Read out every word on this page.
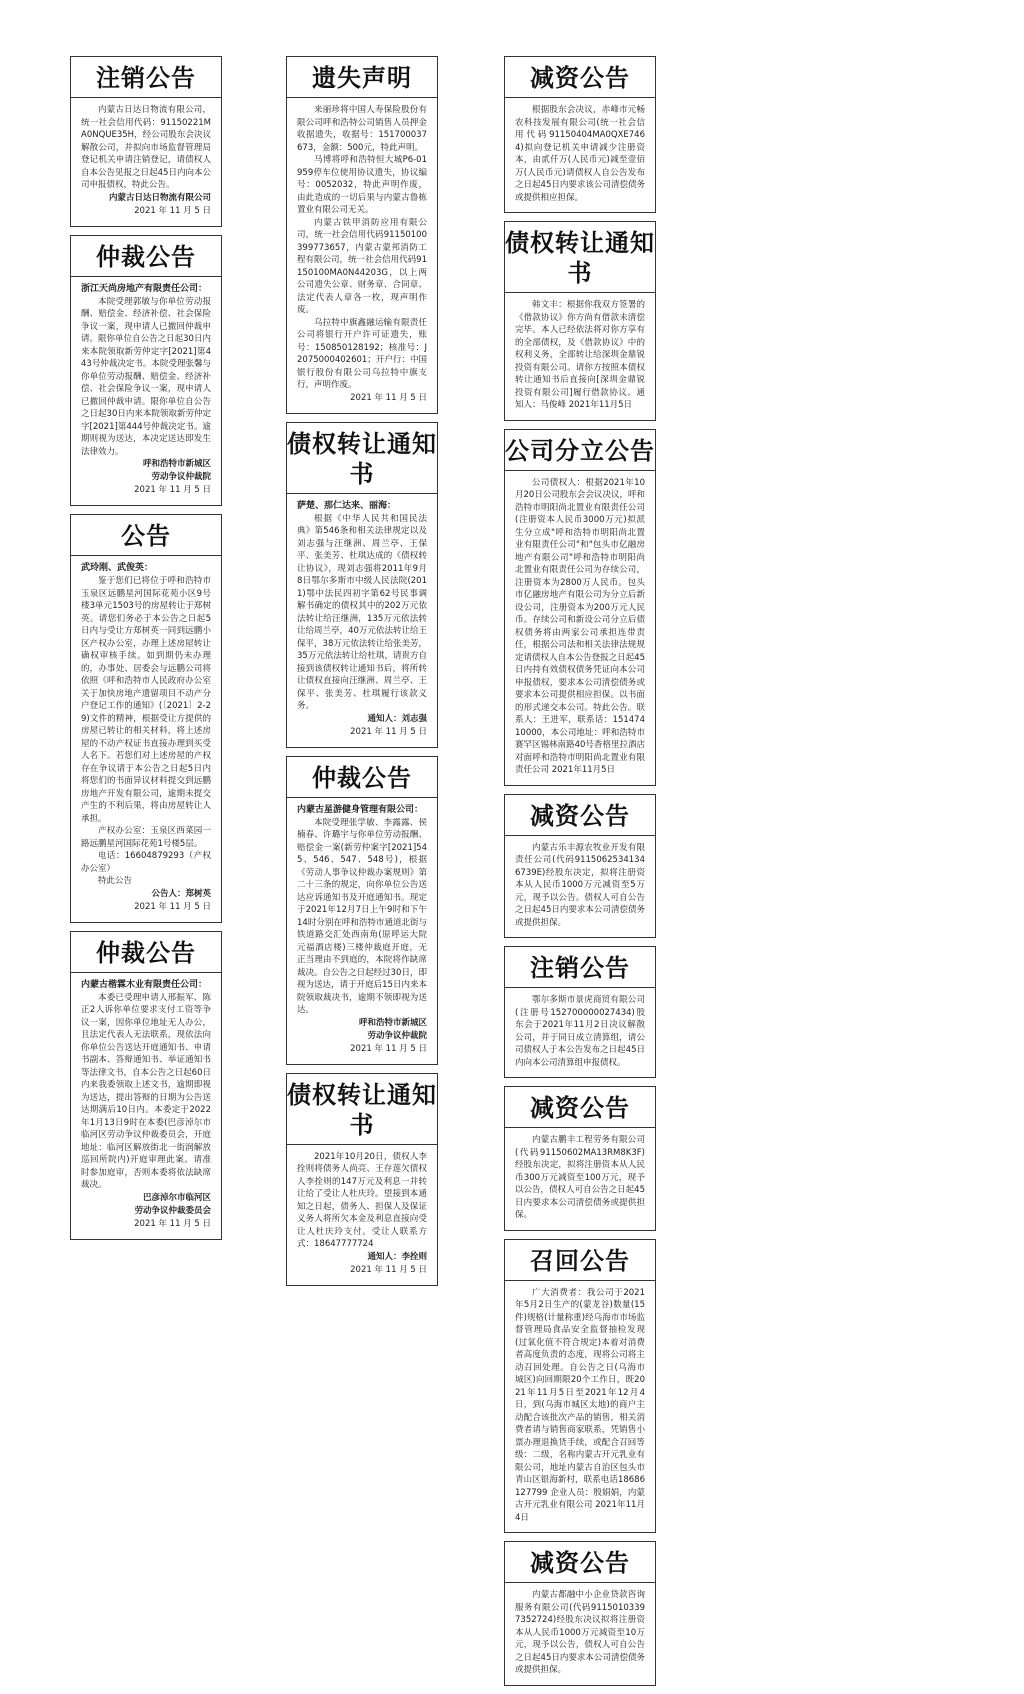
注销公告
内蒙古日达日物流有限公司，统一社会信用代码：91150221MA0NQUE35H，经公司股东会决议解散公司，并拟向市场监督管理局登记机关申请注销登记，请债权人自本公告见报之日起45日内向本公司申报债权，特此公告。
内蒙古日达日物流有限公司
2021 年 11 月 5 日
仲裁公告
浙江天尚房地产有限责任公司：
本院受理郭敏与你单位劳动报酬、赔偿金、经济补偿、社会保险争议一案，现申请人已撤回仲裁申请。限你单位自公告之日起30日内来本院领取新劳仲定字[2021]第443号仲裁决定书。本院受理张馨与你单位劳动报酬、赔偿金、经济补偿、社会保险争议一案，现申请人已撤回仲裁申请。限你单位自公告之日起30日内来本院领取新劳仲定字[2021]第444号仲裁决定书。逾期则视为送达，本决定送达即发生法律效力。
呼和浩特市新城区
劳动争议仲裁院
2021 年 11 月 5 日
公告
武玲刚、武俊英：
鉴于您们已将位于呼和浩特市玉泉区远鹏星河国际花苑小区9号楼3单元1503号的房屋转让于郑树英。请您们务必于本公告之日起5日内与受让方郑树英一同到远鹏小区产权办公室，办理上述房屋转让确权审核手续。如到期仍未办理的，办事处、居委会与远鹏公司将依照《呼和浩特市人民政府办公室关于加快房地产遗留项目不动产分户登记工作的通知》(〔2021〕2-29)文件的精神，根据受让方提供的房屋已转让的相关材料，将上述房屋的不动产权证书直接办理到买受人名下。若您们对上述房屋的产权存在争议请于本公告之日起5日内将您们的书面异议材料提交到远鹏房地产开发有限公司，逾期未提交产生的不利后果，将由房屋转让人承担。
产权办公室：玉泉区西菜园一路远鹏星河国际花苑1号楼5层。
电话：16604879293（产权办公室）
特此公告
公告人：郑树英
2021 年 11 月 5 日
仲裁公告
内蒙古楷霖木业有限责任公司：
本委已受理申请人邢振军、陈正2人诉你单位要求支付工资等争议一案，因你单位地址无人办公，且法定代表人无法联系，现依法向你单位公告送达开庭通知书、申请书副本、答辩通知书、举证通知书等法律文书，自本公告之日起60日内来我委领取上述文书，逾期即视为送达，提出答辩的日期为公告送达期满后10日内。本委定于2022年1月13日9时在本委(巴彦淖尔市临河区劳动争议仲裁委员会，开庭地址：临河区解放街北一街润解放巡回所院内)开庭审理此案。请准时参加庭审，否则本委将依法缺席裁决。
巴彦淖尔市临河区
劳动争议仲裁委员会
2021 年 11 月 5 日
遗失声明
来丽珍将中国人寿保险股份有限公司呼和浩特公司销售人员押金收据遗失，收据号：151700037673，金额：500元，特此声明。
马博将呼和浩特恒大城P6-01959停车位使用协议遗失，协议编号：0052032，特此声明作废，由此造成的一切后果与内蒙古鲁栋置业有限公司无关。
内蒙古铁甲消防应用有限公司，统一社会信用代码91150100399773657，内蒙古蒙邦消防工程有限公司，统一社会信用代码91150100MA0N44203G，以上两公司遗失公章、财务章、合同章、法定代表人章各一枚，现声明作废。
乌拉特中旗鑫融运输有限责任公司将银行开户许可证遗失，账号：150850128192；核准号：J2075000402601；开户行：中国银行股份有限公司乌拉特中旗支行，声明作废。
2021 年 11 月 5 日
债权转让通知书
萨楚、那仁达来、丽海：
根据《中华人民共和国民法典》第546条和相关法律规定以及刘志强与汪继洲、周兰亭、王保平、张美芳、杜琪达成的《债权转让协议》，现刘志强将2011年9月8日鄂尔多斯市中级人民法院(2011)鄂中法民四初字第62号民事调解书确定的债权其中的202万元依法转让给汪继洲，135万元依法转让给周兰亭，40万元依法转让给王保平，38万元依法转让给张美芳，35万元依法转让给杜琪，请贵方自接到该债权转让通知书后，将所转让债权直接向汪继洲、周兰亭、王保平、张美芳、杜琪履行该款义务。
通知人：刘志强
2021 年 11 月 5 日
仲裁公告
内蒙古星游健身管理有限公司：
本院受理张学敏、李露露、侯楠春、许璐宇与你单位劳动报酬、赔偿金一案(新劳仲案字[2021]545、546、547、548号)，根据《劳动人事争议仲裁办案规则》第二十三条的规定，向你单位公告送达应诉通知书及开庭通知书。现定于2021年12月7日上午9时和下午14时分别在呼和浩特市通道北街与铁道路交汇处西南角(原呼运大院元福酒店楼)三楼仲裁庭开庭，无正当理由不到庭的，本院将作缺席裁决。自公告之日起经过30日，即视为送达，请于开庭后15日内来本院领取裁决书，逾期不领即视为送达。
呼和浩特市新城区
劳动争议仲裁院
2021 年 11 月 5 日
债权转让通知书
2021年10月20日，债权人李拴则将债务人尚亮、王存莲欠债权人李拴则的147万元及利息一并转让给了受让人杜庆玲。望接到本通知之日起，债务人、担保人及保证义务人将所欠本金及利息直接向受让人杜庆玲支付。受让人联系方式：18647777724
通知人：李拴则
2021 年 11 月 5 日
减资公告
根据股东会决议，赤峰市元畅农科技发展有限公司(统一社会信用代码91150404MA0QXE7464)拟向登记机关申请减少注册资本，由贰仟万(人民币元)减至壹佰万(人民币元)请债权人自公告发布之日起45日内要求该公司清偿债务或提供相应担保。
债权转让通知书
韩文丰：根据你我双方签署的《借款协议》你方尚有借款未清偿完毕。本人已经依法将对你方享有的全部债权，及《借款协议》中的权利义务，全部转让给深圳金鼎锐投资有限公司。请你方按照本债权转让通知书后直接向[深圳金鼎锐投资有限公司]履行借款协议。通知人：马俊峰 2021年11月5日
公司分立公告
公司债权人：根据2021年10月20日公司股东会会议决议，呼和浩特市明阳尚北置业有限责任公司(注册资本人民币3000万元)拟派生分立成"呼和浩特市明阳尚北置业有限责任公司"和"包头市亿融房地产有限公司"呼和浩特市明阳尚北置业有限责任公司为存续公司，注册资本为2800万人民币。包头市亿融房地产有限公司为分立后新设公司，注册资本为200万元人民币。存续公司和新设公司分立后债权债务将由两家公司承担连带责任，根据公司法和相关法律法规规定请债权人自本公告登报之日起45日内持有效债权债务凭证向本公司申报债权，要求本公司清偿债务或要求本公司提供相应担保。以书面的形式递交本公司。特此公告。联系人：王进军，联系话：15147410000，本公司地址：呼和浩特市赛罕区锡林南路40号香格里拉酒店对面呼和浩特市明阳尚北置业有限责任公司 2021年11月5日
减资公告
内蒙古乐丰源农牧业开发有限责任公司(代码91150625341346739E)经股东决定，拟将注册资本从人民币1000万元减资至5万元，现予以公告。债权人可自公告之日起45日内要求本公司清偿债务或提供担保。
注销公告
鄂尔多斯市景虎商贸有限公司(注册号152700000027434)股东会于2021年11月2日决议解散公司，并于同日成立清算组，请公司债权人于本公告发布之日起45日内向本公司清算组申报债权。
减资公告
内蒙古鹏丰工程劳务有限公司(代码91150602MA13RM8K3F)经股东决定，拟将注册资本从人民币300万元减资至100万元，现予以公告，债权人可自公告之日起45日内要求本公司清偿债务或提供担保。
召回公告
广大消费者：我公司于2021年5月2日生产的(蒙龙谷)数量(15件)规格(计量称重)经乌海市市场监督管理局食品安全监督抽检发现(过氧化值不符合规定)本着对消费者高度负责的态度，现将公司将主动召回处理。自公告之日(乌海市城区)向回期限20个工作日，既2021年11月5日至2021年12月4日，到(乌海市城区太地)的商户主动配合该批次产品的销售，相关消费者请与销售商家联系，凭销售小票办理退换货手续，或配合召回等级：二级，名称内蒙古开元乳业有限公司，地址内蒙古自治区包头市青山区银海新村，联系电话18686127799 企业人员：殷娟娟，内蒙古开元乳业有限公司 2021年11月4日
减资公告
内蒙古都融中小企业贷款咨询服务有限公司(代码91150103397352724)经股东决议拟将注册资本从人民币1000万元减资至10万元，现予以公告，债权人可自公告之日起45日内要求本公司清偿债务或提供担保。
